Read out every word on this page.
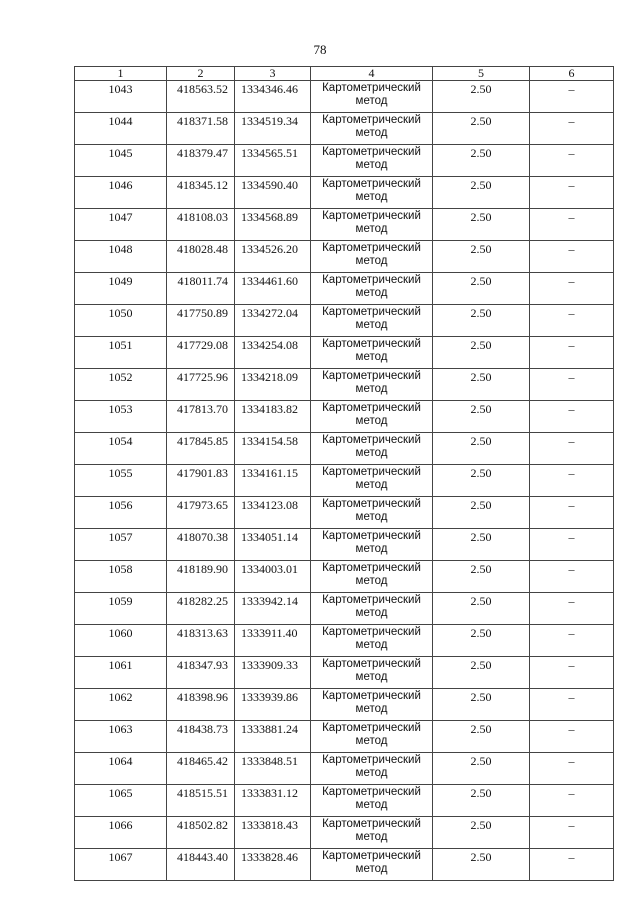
78
1	2	3	4	5	6
1043	418563.52	1334346.46	Картометрический метод	2.50	–
1044	418371.58	1334519.34	Картометрический метод	2.50	–
1045	418379.47	1334565.51	Картометрический метод	2.50	–
1046	418345.12	1334590.40	Картометрический метод	2.50	–
1047	418108.03	1334568.89	Картометрический метод	2.50	–
1048	418028.48	1334526.20	Картометрический метод	2.50	–
1049	418011.74	1334461.60	Картометрический метод	2.50	–
1050	417750.89	1334272.04	Картометрический метод	2.50	–
1051	417729.08	1334254.08	Картометрический метод	2.50	–
1052	417725.96	1334218.09	Картометрический метод	2.50	–
1053	417813.70	1334183.82	Картометрический метод	2.50	–
1054	417845.85	1334154.58	Картометрический метод	2.50	–
1055	417901.83	1334161.15	Картометрический метод	2.50	–
1056	417973.65	1334123.08	Картометрический метод	2.50	–
1057	418070.38	1334051.14	Картометрический метод	2.50	–
1058	418189.90	1334003.01	Картометрический метод	2.50	–
1059	418282.25	1333942.14	Картометрический метод	2.50	–
1060	418313.63	1333911.40	Картометрический метод	2.50	–
1061	418347.93	1333909.33	Картометрический метод	2.50	–
1062	418398.96	1333939.86	Картометрический метод	2.50	–
1063	418438.73	1333881.24	Картометрический метод	2.50	–
1064	418465.42	1333848.51	Картометрический метод	2.50	–
1065	418515.51	1333831.12	Картометрический метод	2.50	–
1066	418502.82	1333818.43	Картометрический метод	2.50	–
1067	418443.40	1333828.46	Картометрический метод	2.50	–
